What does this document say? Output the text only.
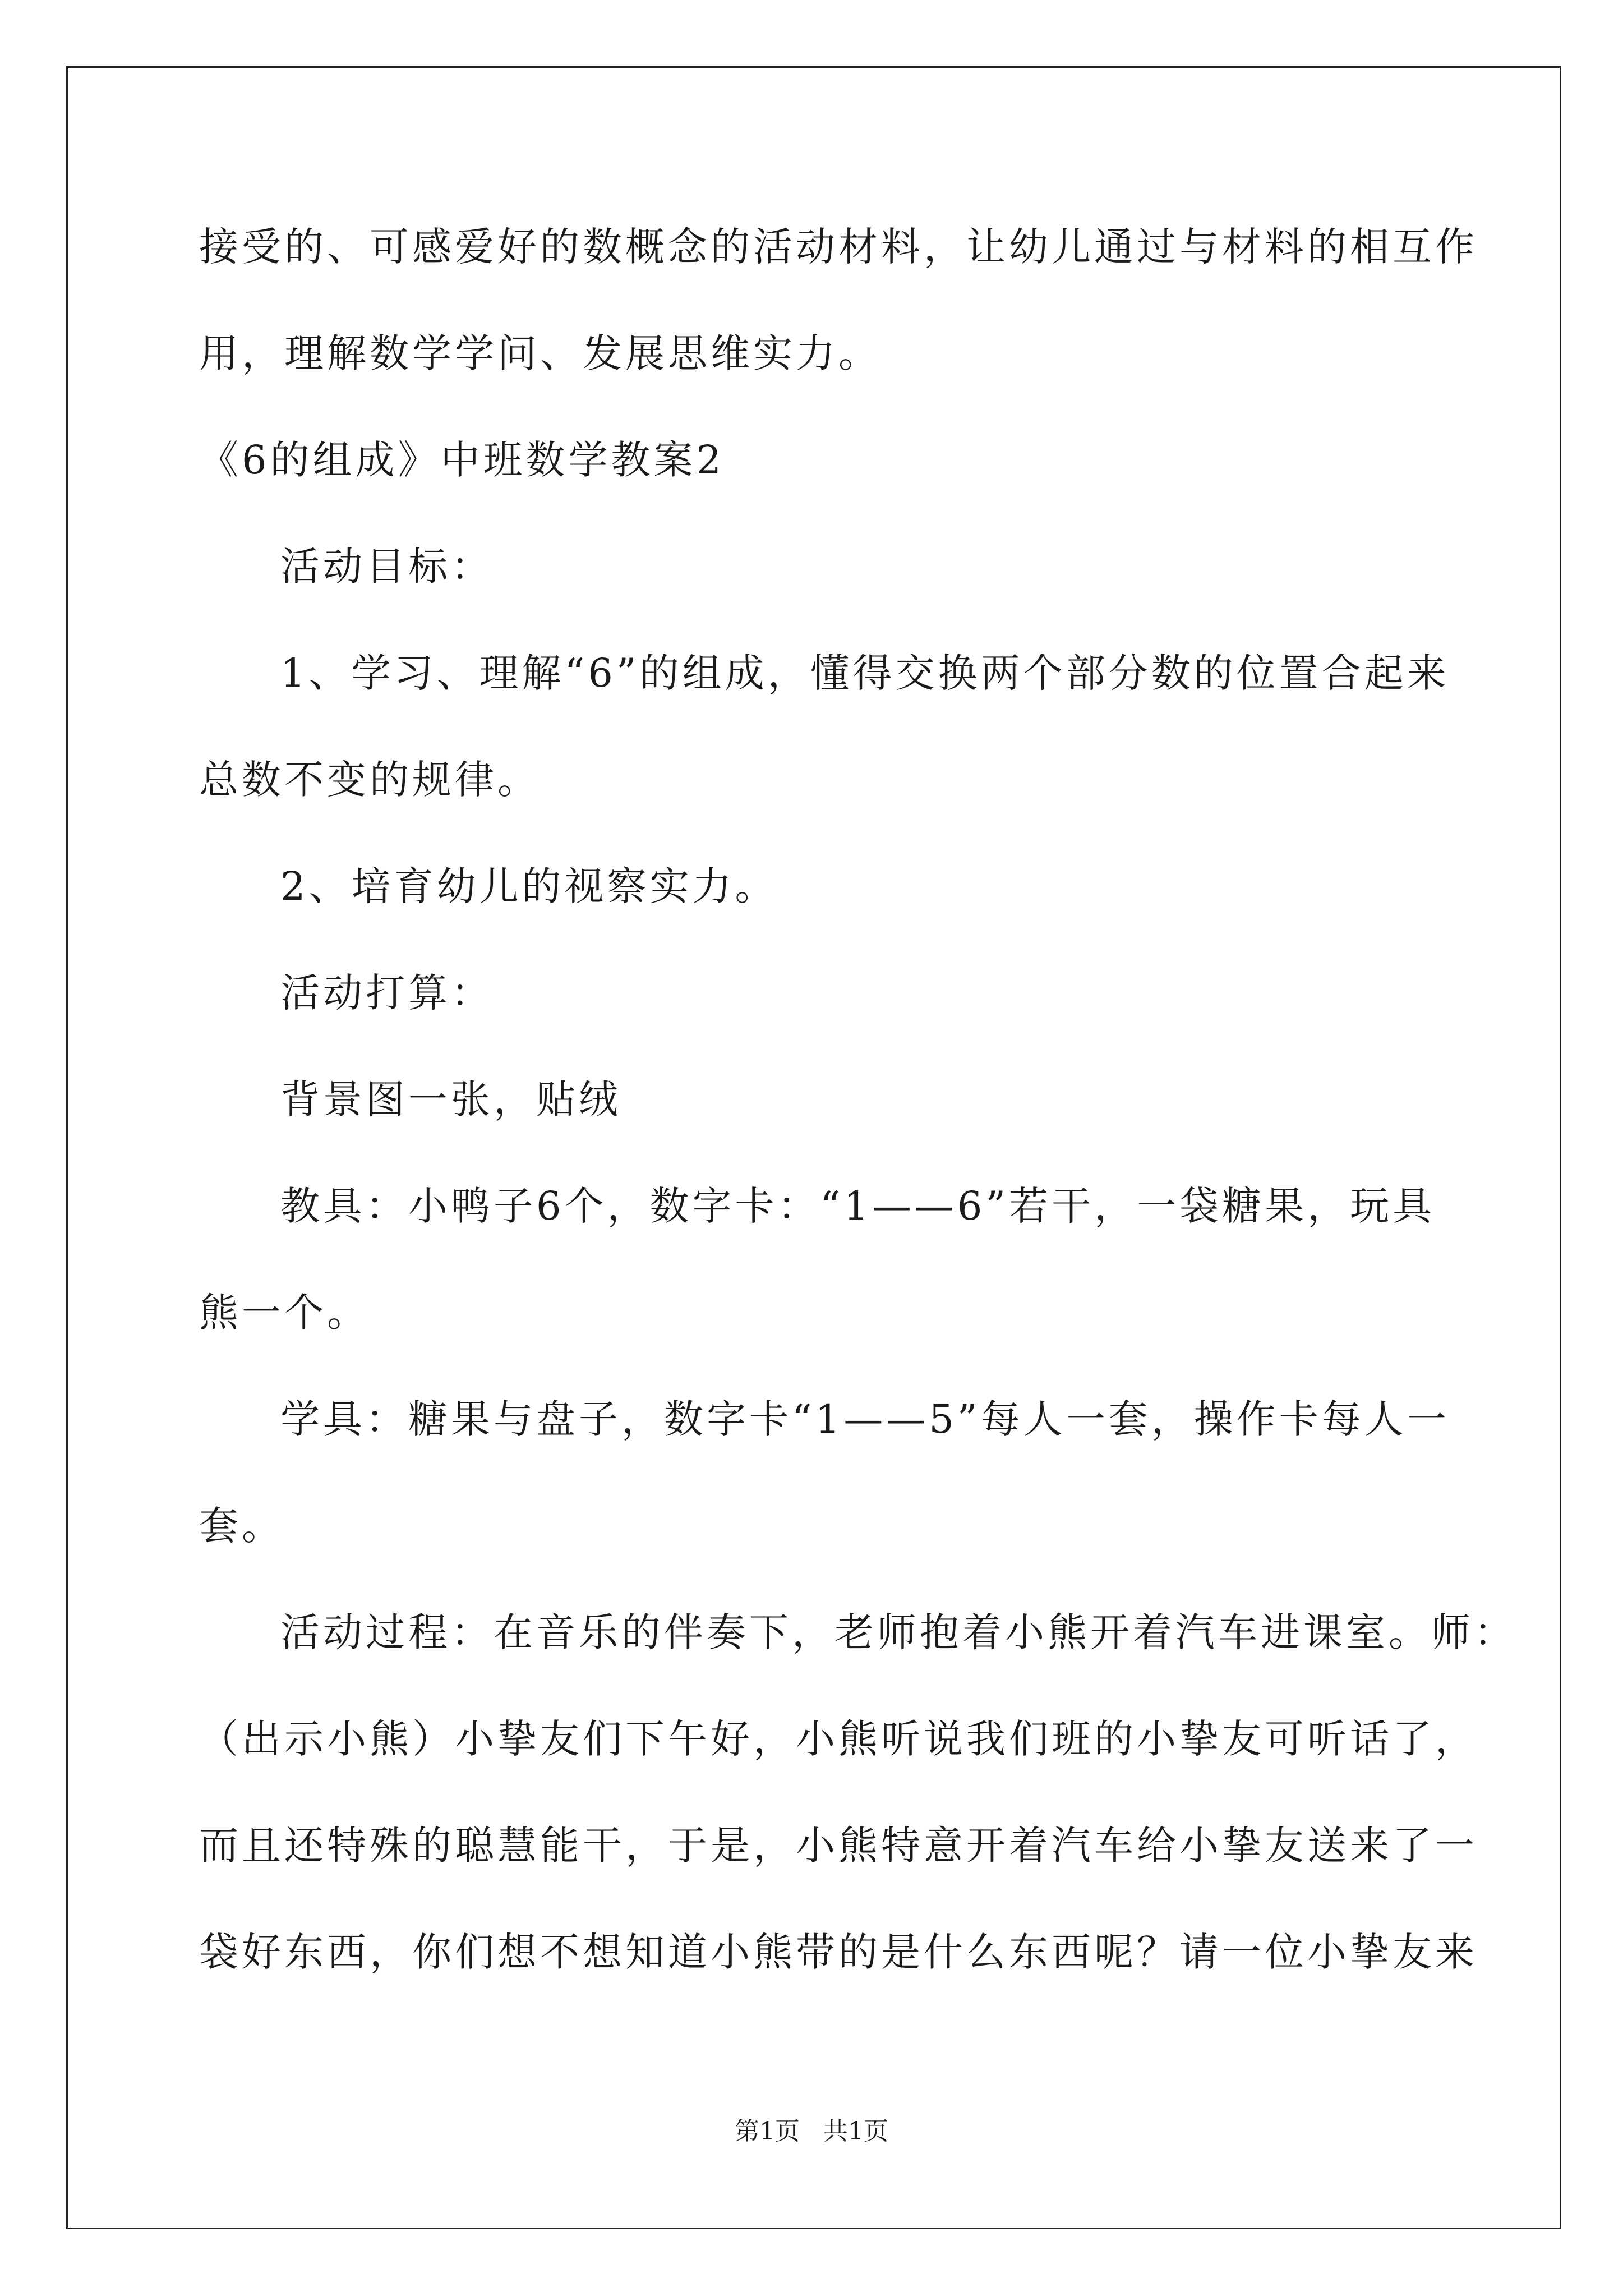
接受的、可感爱好的数概念的活动材料，让幼儿通过与材料的相互作
用，理解数学学问、发展思维实力。
《6的组成》中班数学教案2
活动目标：
1、学习、理解“6”的组成，懂得交换两个部分数的位置合起来
总数不变的规律。
2、培育幼儿的视察实力。
活动打算：
背景图一张，贴绒
教具：小鸭子6个，数字卡：“1——6”若干，一袋糖果，玩具
熊一个。
学具：糖果与盘子，数字卡“1——5”每人一套，操作卡每人一
套。
活动过程：在音乐的伴奏下，老师抱着小熊开着汽车进课室。师：
（出示小熊）小挚友们下午好，小熊听说我们班的小挚友可听话了，
而且还特殊的聪慧能干，于是，小熊特意开着汽车给小挚友送来了一
袋好东西，你们想不想知道小熊带的是什么东西呢？请一位小挚友来
第1页   共1页
